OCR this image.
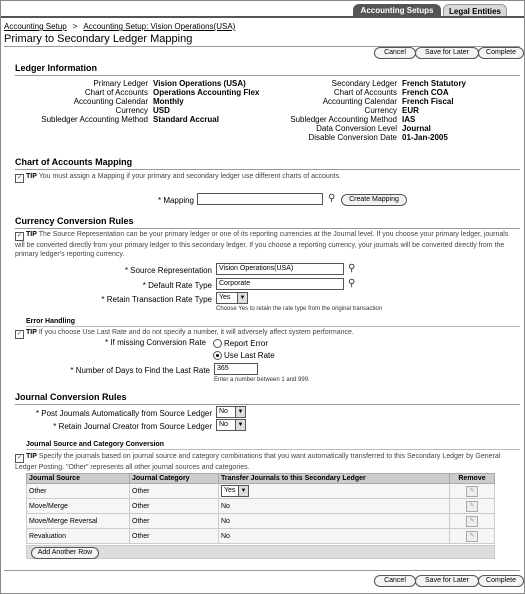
Accounting Setups	Legal Entities
Accounting Setup > Accounting Setup: Vision Operations(USA)
Primary to Secondary Ledger Mapping
Cancel	Save for Later	Complete
Ledger Information
Primary Ledger Vision Operations (USA)
Chart of Accounts Operations Accounting Flex
Accounting Calendar Monthly
Currency USD
Subledger Accounting Method Standard Accrual
Secondary Ledger French Statutory
Chart of Accounts French COA
Accounting Calendar French Fiscal
Currency EUR
Subledger Accounting Method IAS
Data Conversion Level Journal
Disable Conversion Date 01-Jan-2005
Chart of Accounts Mapping
✓ TIP You must assign a Mapping if your primary and secondary ledger use different charts of accounts.
* Mapping	⚲	Create Mapping
Currency Conversion Rules
✓ TIP The Source Representation can be your primary ledger or one of its reporting currencies at the Journal level. If you choose your primary ledger, journals will be converted directly from your primary ledger to this secondary ledger. If you choose a reporting currency, your journals will be converted directly from the primary ledger's reporting currency.
* Source Representation	Vision Operations(USA)	⚲
* Default Rate Type	Corporate	⚲
* Retain Transaction Rate Type	Yes	▼
Choose Yes to retain the rate type from the original transaction
Error Handling
✓ TIP If you choose Use Last Rate and do not specify a number, it will adversely affect system performance.
* If missing Conversion Rate Report Error
Use Last Rate
* Number of Days to Find the Last Rate	365
Enter a number between 1 and 999.
Journal Conversion Rules
* Post Journals Automatically from Source Ledger	No	▼
* Retain Journal Creator from Source Ledger	No	▼
Journal Source and Category Conversion
✓ TIP Specify the journals based on journal source and category combinations that you want automatically transferred to this Secondary Ledger by General Ledger Posting. "Other" represents all other journal sources and categories.
Journal Source	Journal Category	Transfer Journals to this Secondary Ledger	Remove
Other	Other	Yes ▼	✎
Move/Merge	Other	No	✎
Move/Merge Reversal	Other	No	✎
Revaluation	Other	No	✎
Add Another Row
Cancel	Save for Later	Complete
